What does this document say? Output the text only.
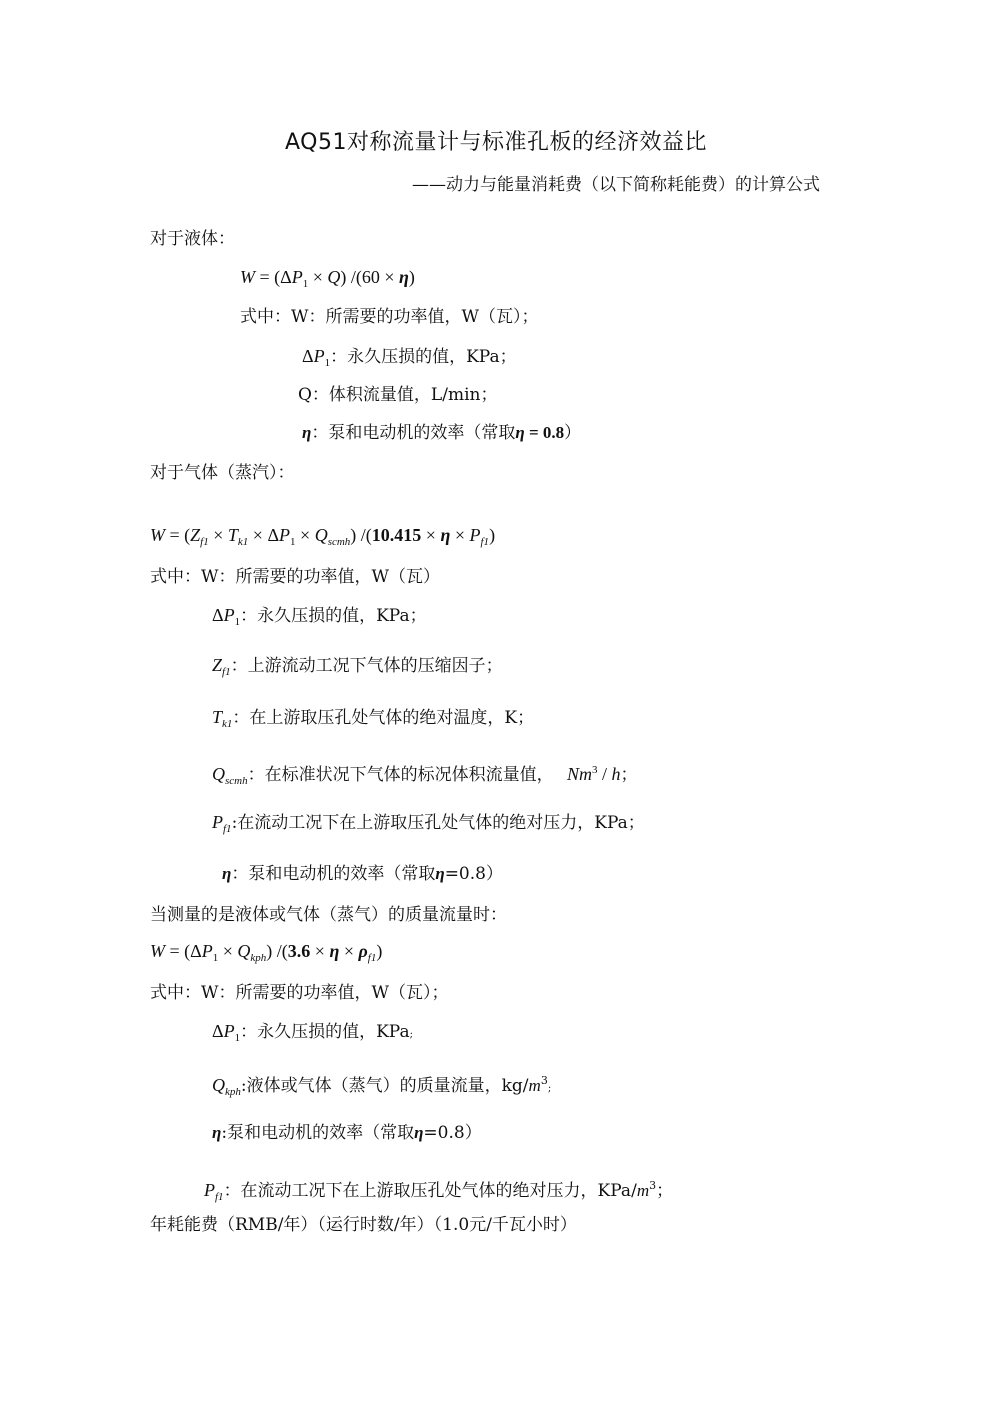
AQ51对称流量计与标准孔板的经济效益比
——动力与能量消耗费（以下简称耗能费）的计算公式
对于液体：
$W = (\Delta P_1 \times Q) /(60 \times \eta)$
式中：W：所需要的功率值，W（瓦）；
$\Delta P_1$：永久压损的值，KPa；
Q：体积流量值，L/min；
η：泵和电动机的效率（常取η = 0.8）
对于气体（蒸汽）：
$W = (Z_{f1} \times T_{k1} \times \Delta P_1 \times Q_{scmh}) /(10.415 \times \eta \times P_{f1})$
式中：W：所需要的功率值，W（瓦）
$\Delta P_1$：永久压损的值，KPa；
$Z_{f1}$：上游流动工况下气体的压缩因子；
$T_{k1}$：在上游取压孔处气体的绝对温度，K；
$Q_{scmh}$：在标准状况下气体的标况体积流量值， Nm$^3$ / h；
$P_{f1}$:在流动工况下在上游取压孔处气体的绝对压力，KPa；
η：泵和电动机的效率（常取η=0.8）
当测量的是液体或气体（蒸气）的质量流量时：
$W = (\Delta P_1 \times Q_{kph}) /(3.6 \times \eta \times \rho_{f1})$
式中：W：所需要的功率值，W（瓦）；
$\Delta P_1$：永久压损的值，KPa;
$Q_{kph}$:液体或气体（蒸气）的质量流量，$kg/m^3$;
η:泵和电动机的效率（常取η=0.8）
$P_{f1}$：在流动工况下在上游取压孔处气体的绝对压力，KPa/$m^3$；
年耗能费（RMB/年）（运行时数/年）（1.0元/千瓦小时）
